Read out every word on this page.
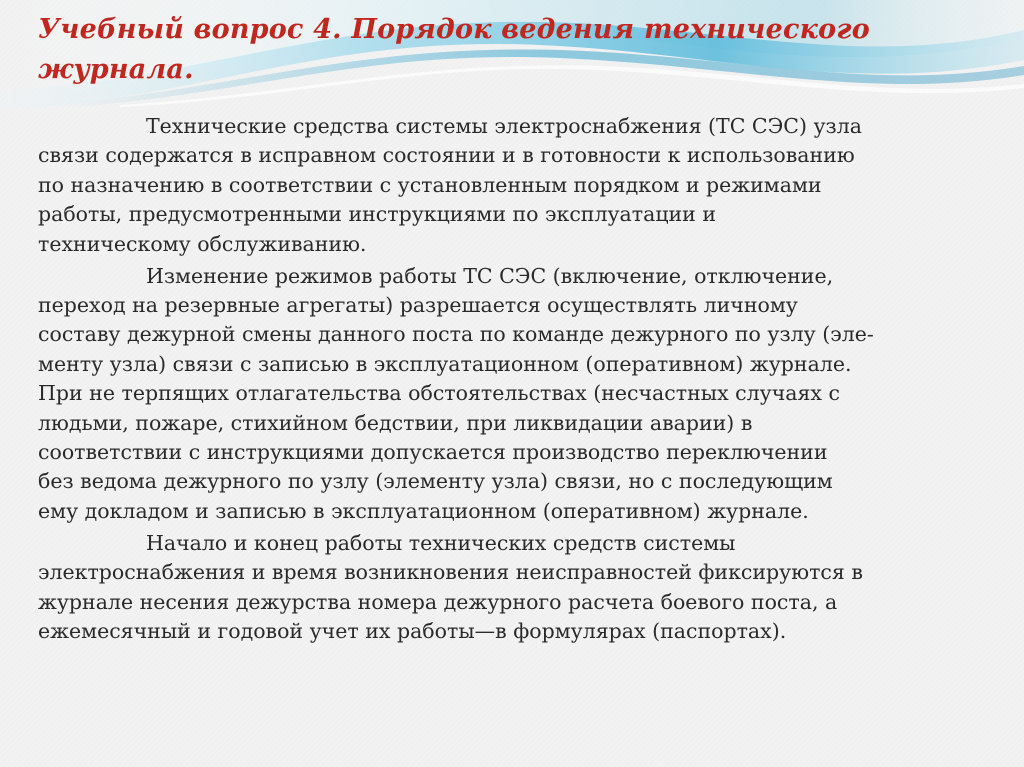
Учебный вопрос 4. Порядок ведения технического
журнала.

Технические средства системы электроснабжения (ТС СЭС) узла
связи содержатся в исправном состоянии и в готовности к использованию
по назначению в соответствии с установленным порядком и режимами
работы, предусмотренными инструкциями по эксплуатации и
техническому обслуживанию.

Изменение режимов работы ТС СЭС (включение, отключение,
переход на резервные агрегаты) разрешается осуществлять личному
составу дежурной смены данного поста по команде дежурного по узлу (эле-
менту узла) связи с записью в эксплуатационном (оперативном) журнале.
При не терпящих отлагательства обстоятельствах (несчастных случаях с
людьми, пожаре, стихийном бедствии, при ликвидации аварии) в
соответствии с инструкциями допускается производство переключении
без ведома дежурного по узлу (элементу узла) связи, но с последующим
ему докладом и записью в эксплуатационном (оперативном) журнале.

Начало и конец работы технических средств системы
электроснабжения и время возникновения неисправностей фиксируются в
журнале несения дежурства номера дежурного расчета боевого поста, а
ежемесячный и годовой учет их работы—в формулярах (паспортах).
